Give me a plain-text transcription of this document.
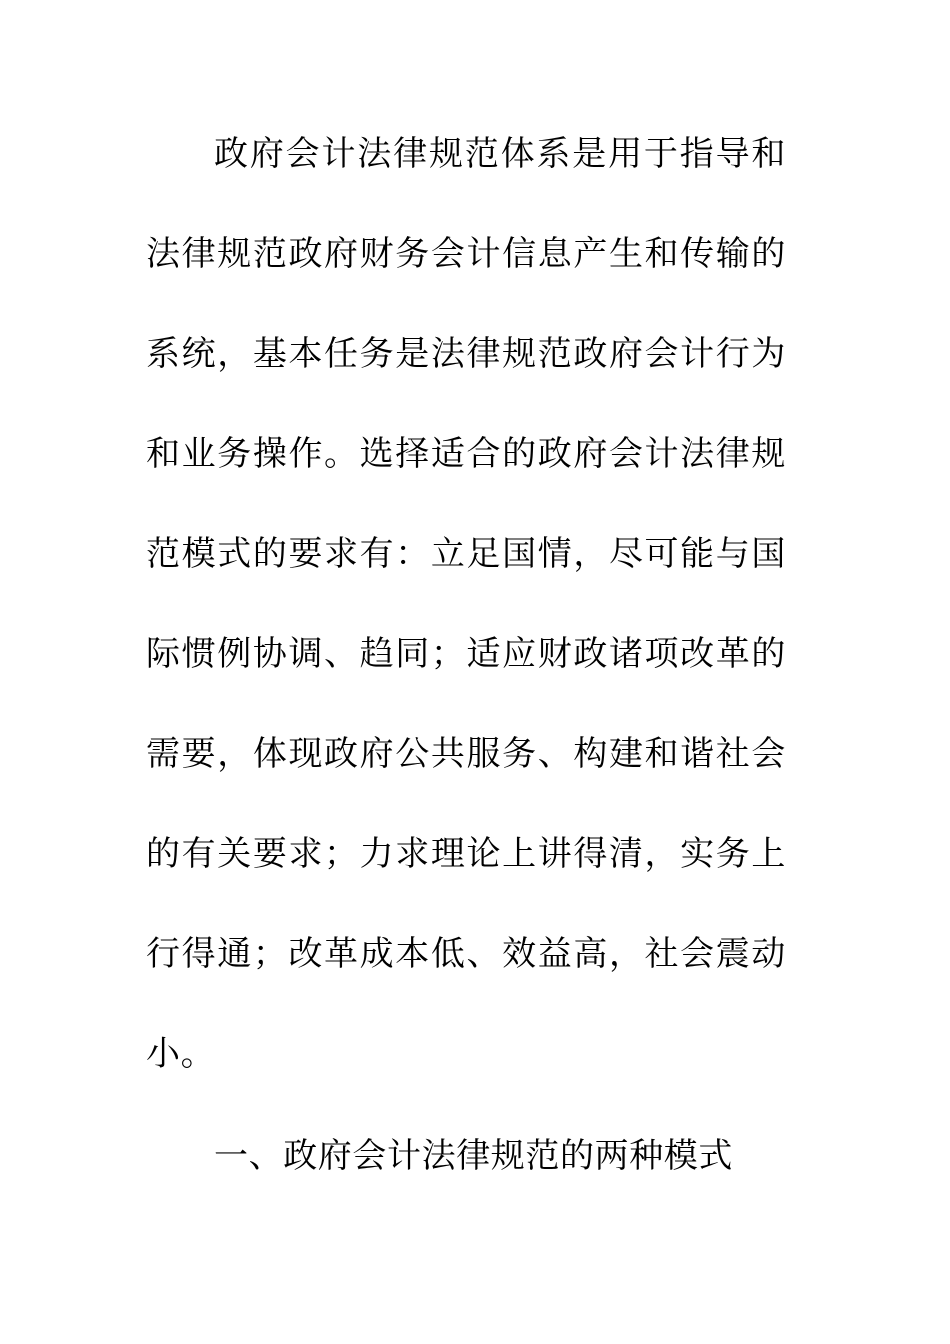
政府会计法律规范体系是用于指导和法律规范政府财务会计信息产生和传输的系统，基本任务是法律规范政府会计行为和业务操作。选择适合的政府会计法律规范模式的要求有：立足国情，尽可能与国际惯例协调、趋同；适应财政诸项改革的需要，体现政府公共服务、构建和谐社会的有关要求；力求理论上讲得清，实务上行得通；改革成本低、效益高，社会震动小。

一、政府会计法律规范的两种模式
